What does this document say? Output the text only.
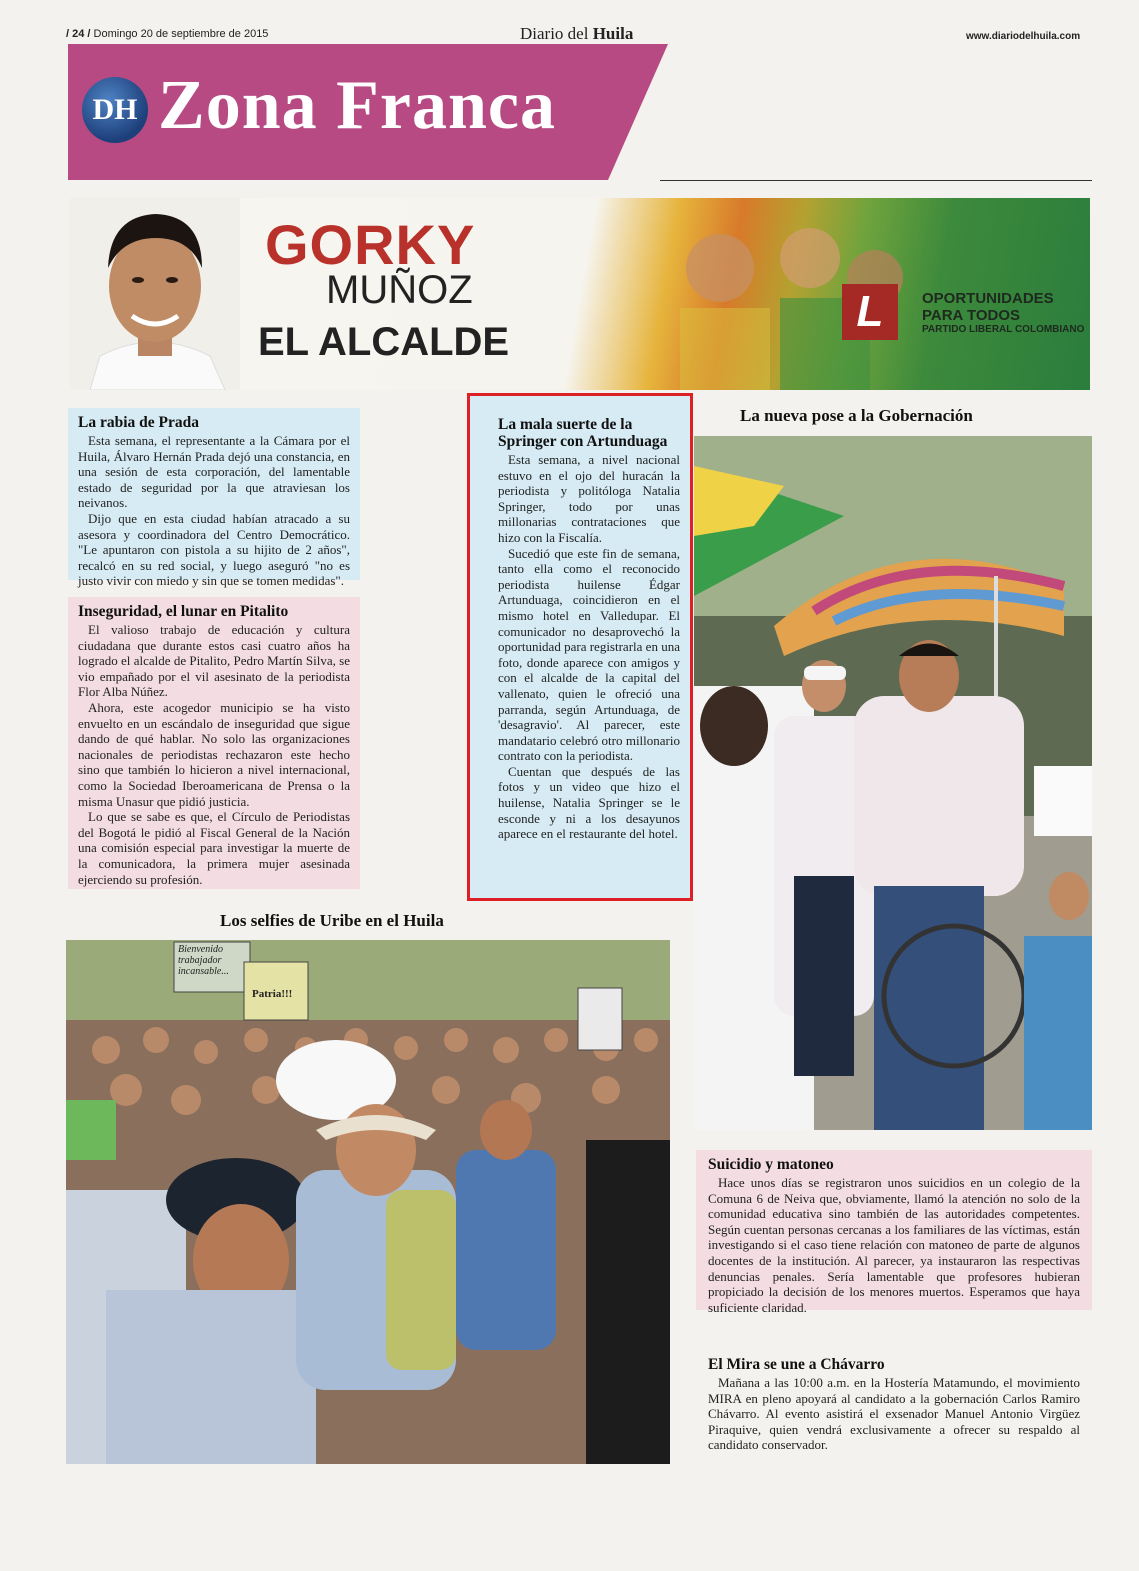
/ 24 / Domingo 20 de septiembre de 2015	Diario del Huila	www.diariodelhuila.com
DH Zona Franca
GORKY
MUÑOZ
EL ALCALDE
L	OPORTUNIDADES
PARA TODOS
PARTIDO LIBERAL COLOMBIANO
La rabia de Prada

Esta semana, el representante a la Cámara por el Huila, Álvaro Hernán Prada dejó una constancia, en una sesión de esta corporación, del lamentable estado de seguridad por la que atraviesan los neivanos.

Dijo que en esta ciudad habían atracado a su asesora y coordinadora del Centro Democrático. "Le apuntaron con pistola a su hijito de 2 años", recalcó en su red social, y luego aseguró "no es justo vivir con miedo y sin que se tomen medidas".

Inseguridad, el lunar en Pitalito

El valioso trabajo de educación y cultura ciudadana que durante estos casi cuatro años ha logrado el alcalde de Pitalito, Pedro Martín Silva, se vio empañado por el vil asesinato de la periodista Flor Alba Núñez.

Ahora, este acogedor municipio se ha visto envuelto en un escándalo de inseguridad que sigue dando de qué hablar. No solo las organizaciones nacionales de periodistas rechazaron este hecho sino que también lo hicieron a nivel internacional, como la Sociedad Iberoamericana de Prensa o la misma Unasur que pidió justicia.

Lo que se sabe es que, el Círculo de Periodistas del Bogotá le pidió al Fiscal General de la Nación una comisión especial para investigar la muerte de la comunicadora, la primera mujer asesinada ejerciendo su profesión.

La mala suerte de la Springer con Artunduaga

Esta semana, a nivel nacional estuvo en el ojo del huracán la periodista y politóloga Natalia Springer, todo por unas millonarias contrataciones que hizo con la Fiscalía.

Sucedió que este fin de semana, tanto ella como el reconocido periodista huilense Édgar Artunduaga, coincidieron en el mismo hotel en Valledupar. El comunicador no desaprovechó la oportunidad para registrarla en una foto, donde aparece con amigos y con el alcalde de la capital del vallenato, quien le ofreció una parranda, según Artunduaga, de 'desagravio'. Al parecer, este mandatario celebró otro millonario contrato con la periodista.

Cuentan que después de las fotos y un video que hizo el huilense, Natalia Springer se le esconde y ni a los desayunos aparece en el restaurante del hotel.

La nueva pose a la Gobernación
Los selfies de Uribe en el Huila
Bienvenido trabajador incansable...
Patria!!!
Suicidio y matoneo

Hace unos días se registraron unos suicidios en un colegio de la Comuna 6 de Neiva que, obviamente, llamó la atención no solo de la comunidad educativa sino también de las autoridades competentes. Según cuentan personas cercanas a los familiares de las víctimas, están investigando si el caso tiene relación con matoneo de parte de algunos docentes de la institución. Al parecer, ya instauraron las respectivas denuncias penales. Sería lamentable que profesores hubieran propiciado la decisión de los menores muertos. Esperamos que haya suficiente claridad.

El Mira se une a Chávarro

Mañana a las 10:00 a.m. en la Hostería Matamundo, el movimiento MIRA en pleno apoyará al candidato a la gobernación Carlos Ramiro Chávarro. Al evento asistirá el exsenador Manuel Antonio Virgüez Piraquive, quien vendrá exclusivamente a ofrecer su respaldo al candidato conservador.
